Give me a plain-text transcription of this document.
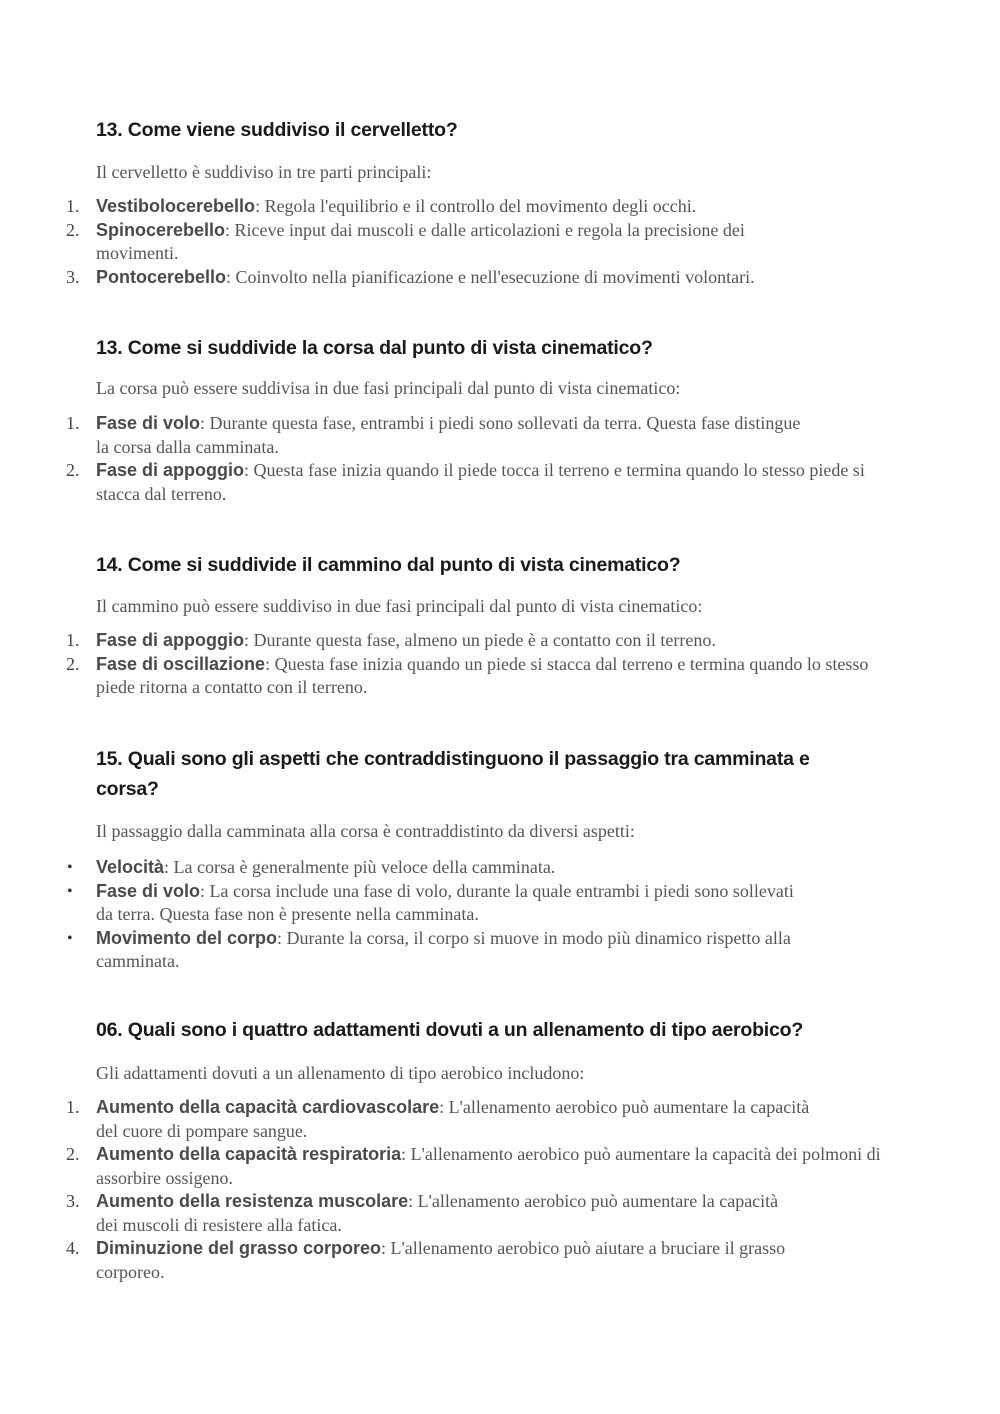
13. Come viene suddiviso il cervelletto?
Il cervelletto è suddiviso in tre parti principali:
1. Vestibolocerebello: Regola l'equilibrio e il controllo del movimento degli occhi.
2. Spinocerebello: Riceve input dai muscoli e dalle articolazioni e regola la precisione dei movimenti.
3. Pontocerebello: Coinvolto nella pianificazione e nell'esecuzione di movimenti volontari.
13. Come si suddivide la corsa dal punto di vista cinematico?
La corsa può essere suddivisa in due fasi principali dal punto di vista cinematico:
1. Fase di volo: Durante questa fase, entrambi i piedi sono sollevati da terra. Questa fase distingue la corsa dalla camminata.
2. Fase di appoggio: Questa fase inizia quando il piede tocca il terreno e termina quando lo stesso piede si stacca dal terreno.
14. Come si suddivide il cammino dal punto di vista cinematico?
Il cammino può essere suddiviso in due fasi principali dal punto di vista cinematico:
1. Fase di appoggio: Durante questa fase, almeno un piede è a contatto con il terreno.
2. Fase di oscillazione: Questa fase inizia quando un piede si stacca dal terreno e termina quando lo stesso piede ritorna a contatto con il terreno.
15. Quali sono gli aspetti che contraddistinguono il passaggio tra camminata e corsa?
Il passaggio dalla camminata alla corsa è contraddistinto da diversi aspetti:
• Velocità: La corsa è generalmente più veloce della camminata.
• Fase di volo: La corsa include una fase di volo, durante la quale entrambi i piedi sono sollevati da terra. Questa fase non è presente nella camminata.
• Movimento del corpo: Durante la corsa, il corpo si muove in modo più dinamico rispetto alla camminata.
06. Quali sono i quattro adattamenti dovuti a un allenamento di tipo aerobico?
Gli adattamenti dovuti a un allenamento di tipo aerobico includono:
1. Aumento della capacità cardiovascolare: L'allenamento aerobico può aumentare la capacità del cuore di pompare sangue.
2. Aumento della capacità respiratoria: L'allenamento aerobico può aumentare la capacità dei polmoni di assorbire ossigeno.
3. Aumento della resistenza muscolare: L'allenamento aerobico può aumentare la capacità dei muscoli di resistere alla fatica.
4. Diminuzione del grasso corporeo: L'allenamento aerobico può aiutare a bruciare il grasso corporeo.
